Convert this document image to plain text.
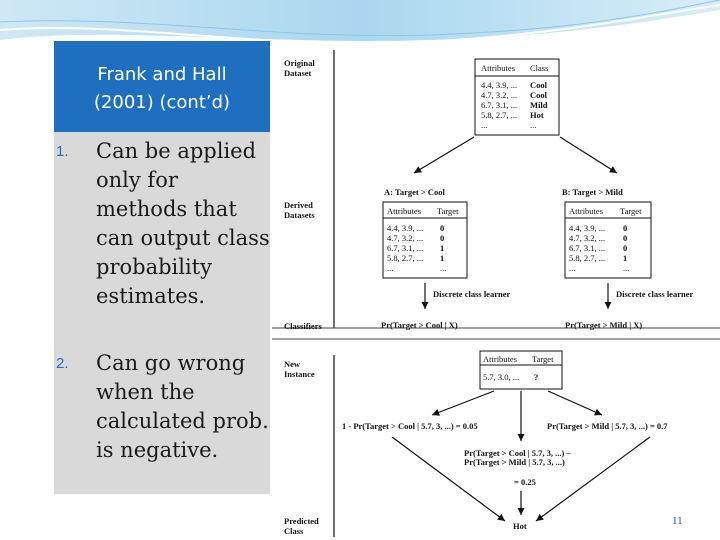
Frank and Hall
(2001) (cont’d)
1. Can be applied
only for
methods that
can output class
probability
estimates.
2. Can go wrong
when the
calculated prob.
is negative.
Original
Dataset
Derived
Datasets
Classifiers
New
Instance
Predicted
Class
Attributes Class
4.4, 3.9, ... Cool
4.7, 3.2, ... Cool
6.7, 3.1, ... Mild
5.8, 2.7, ... Hot
...	...
A: Target > Cool	B: Target > Mild
Attributes Target
4.4, 3.9, ... 0
4.7, 3.2, ... 0
6.7, 3.1, ... 1
5.8, 2.7, ... 1
...	...
Attributes Target
4.4, 3.9, ... 0
4.7, 3.2, ... 0
6.7, 3.1, ... 0
5.8, 2.7, ... 1
...	...
Discrete class learner	Discrete class learner
Pr(Target > Cool | X)	Pr(Target > Mild | X)
Attributes Target
5.7, 3.0, ... ?
1 - Pr(Target > Cool | 5.7, 3, ...) = 0.05	Pr(Target > Mild | 5.7, 3, ...) = 0.7
Pr(Target > Cool | 5.7, 3, ...) –
Pr(Target > Mild | 5.7, 3, ...)
= 0.25
Hot	11
